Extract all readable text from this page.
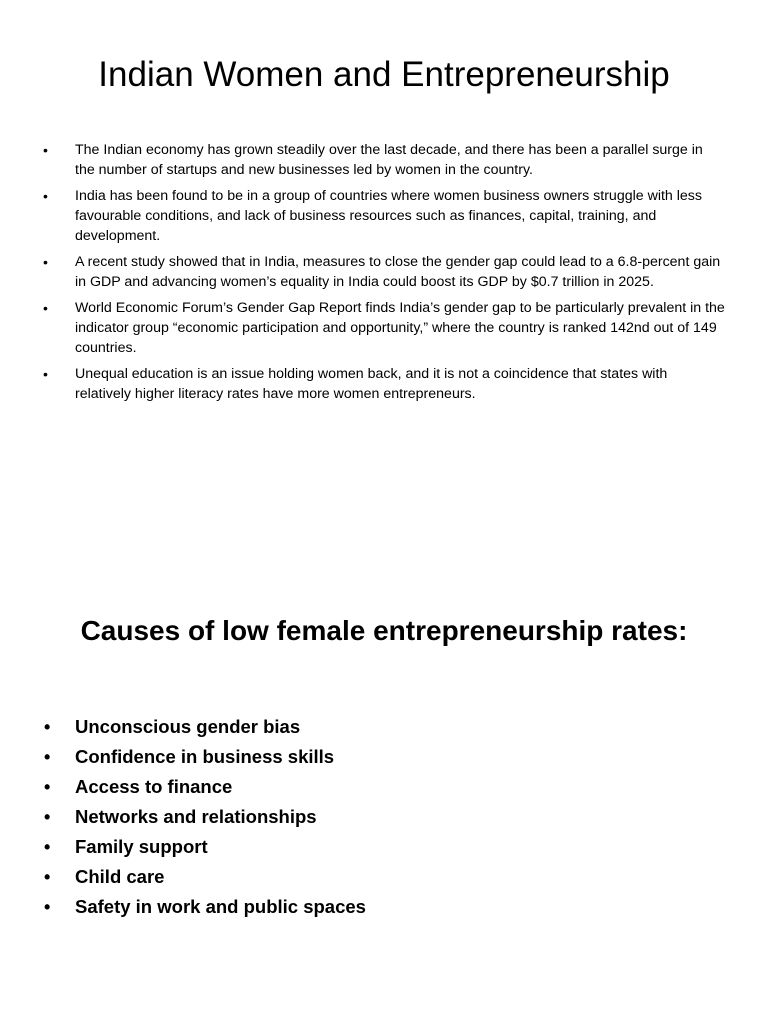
Indian Women and Entrepreneurship
• The Indian economy has grown steadily over the last decade, and there has been a parallel surge in the number of startups and new businesses led by women in the country.
• India has been found to be in a group of countries where women business owners struggle with less favourable conditions, and lack of business resources such as finances, capital, training, and development.
• A recent study showed that in India, measures to close the gender gap could lead to a 6.8-percent gain in GDP and advancing women’s equality in India could boost its GDP by $0.7 trillion in 2025.
• World Economic Forum’s Gender Gap Report finds India’s gender gap to be particularly prevalent in the indicator group “economic participation and opportunity,” where the country is ranked 142nd out of 149 countries.
• Unequal education is an issue holding women back, and it is not a coincidence that states with relatively higher literacy rates have more women entrepreneurs.
Causes of low female entrepreneurship rates:
• Unconscious gender bias
• Confidence in business skills
• Access to finance
• Networks and relationships
• Family support
• Child care
• Safety in work and public spaces
